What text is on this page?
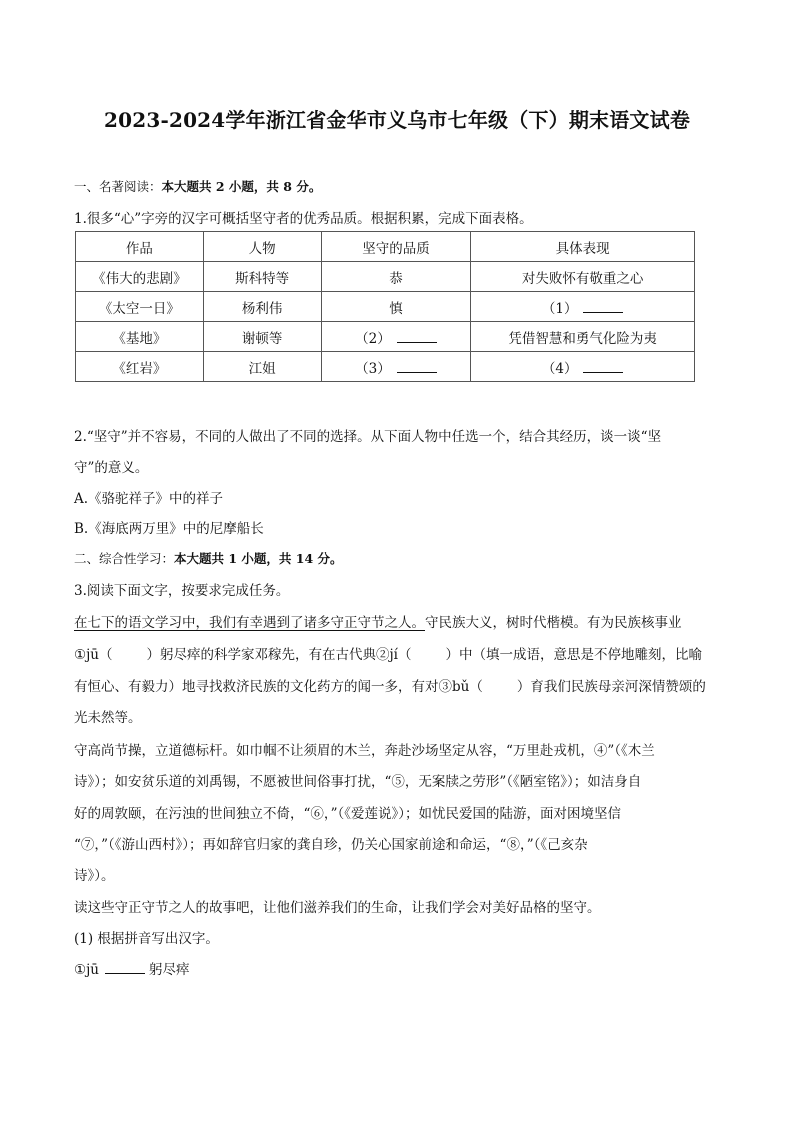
2023-2024学年浙江省金华市义乌市七年级（下）期末语文试卷
一、名著阅读：本大题共 2 小题，共 8 分。
1.很多“心”字旁的汉字可概括坚守者的优秀品质。根据积累，完成下面表格。
作品	人物	坚守的品质	具体表现
《伟大的悲剧》	斯科特等	恭	对失败怀有敬重之心
《太空一日》	杨利伟	慎	（1）
《基地》	谢顿等	（2）	凭借智慧和勇气化险为夷
《红岩》	江姐	（3）	（4）
2.“坚守”并不容易，不同的人做出了不同的选择。从下面人物中任选一个，结合其经历，谈一谈“坚
守”的意义。
A.《骆驼祥子》中的祥子
B.《海底两万里》中的尼摩船长
二、综合性学习：本大题共 1 小题，共 14 分。
3.阅读下面文字，按要求完成任务。
在七下的语文学习中，我们有幸遇到了诸多守正守节之人。守民族大义，树时代楷模。有为民族核事业
①jū（	）躬尽瘁的科学家邓稼先，有在古代典②jí（	）中（填一成语，意思是不停地雕刻，比喻
有恒心、有毅力）地寻找救济民族的文化药方的闻一多，有对③bǔ（	）育我们民族母亲河深情赞颂的
光未然等。
守高尚节操，立道德标杆。如巾帼不让须眉的木兰，奔赴沙场坚定从容，“万里赴戎机，④”（《木兰
诗》）；如安贫乐道的刘禹锡，不愿被世间俗事打扰，“⑤，无案牍之劳形”（《陋室铭》）；如洁身自
好的周敦颐，在污浊的世间独立不倚，“⑥，”（《爱莲说》）；如忧民爱国的陆游，面对困境坚信
“⑦，”（《游山西村》）；再如辞官归家的龚自珍，仍关心国家前途和命运，“⑧，”（《己亥杂
诗》）。
读这些守正守节之人的故事吧，让他们滋养我们的生命，让我们学会对美好品格的坚守。
(1) 根据拼音写出汉字。
①jū	躬尽瘁
